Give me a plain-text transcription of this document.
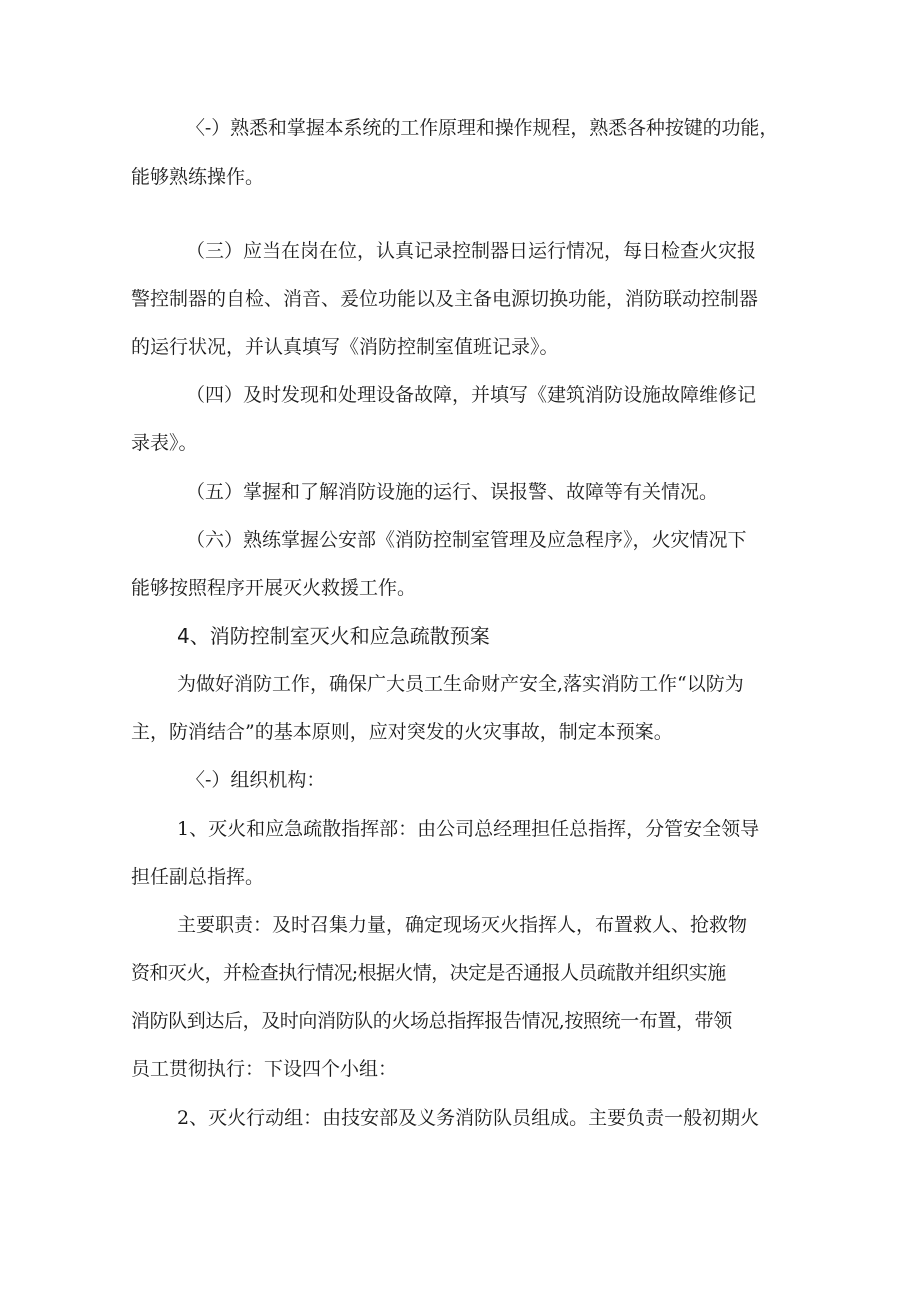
〈-）熟悉和掌握本系统的工作原理和操作规程，熟悉各种按键的功能，
能够熟练操作。
（三）应当在岗在位，认真记录控制器日运行情况，每日检查火灾报
警控制器的自检、消音、爰位功能以及主备电源切换功能，消防联动控制器
的运行状况，并认真填写《消防控制室值班记录》。
（四）及时发现和处理设备故障，并填写《建筑消防设施故障维修记
录表》。
（五）掌握和了解消防设施的运行、误报警、故障等有关情况。
（六）熟练掌握公安部《消防控制室管理及应急程序》，火灾情况下
能够按照程序开展灭火救援工作。
4、消防控制室灭火和应急疏散预案
为做好消防工作，确保广大员工生命财产安全,落实消防工作“以防为
主，防消结合”的基本原则，应对突发的火灾事故，制定本预案。
〈-）组织机构：
1、灭火和应急疏散指挥部：由公司总经理担任总指挥，分管安全领导
担任副总指挥。
主要职责：及时召集力量，确定现场灭火指挥人，布置救人、抢救物
资和灭火，并检查执行情况;根据火情，决定是否通报人员疏散并组织实施
消防队到达后，及时向消防队的火场总指挥报告情况,按照统一布置，带领
员工贯彻执行：下设四个小组：
2、灭火行动组：由技安部及义务消防队员组成。主要负责一般初期火
